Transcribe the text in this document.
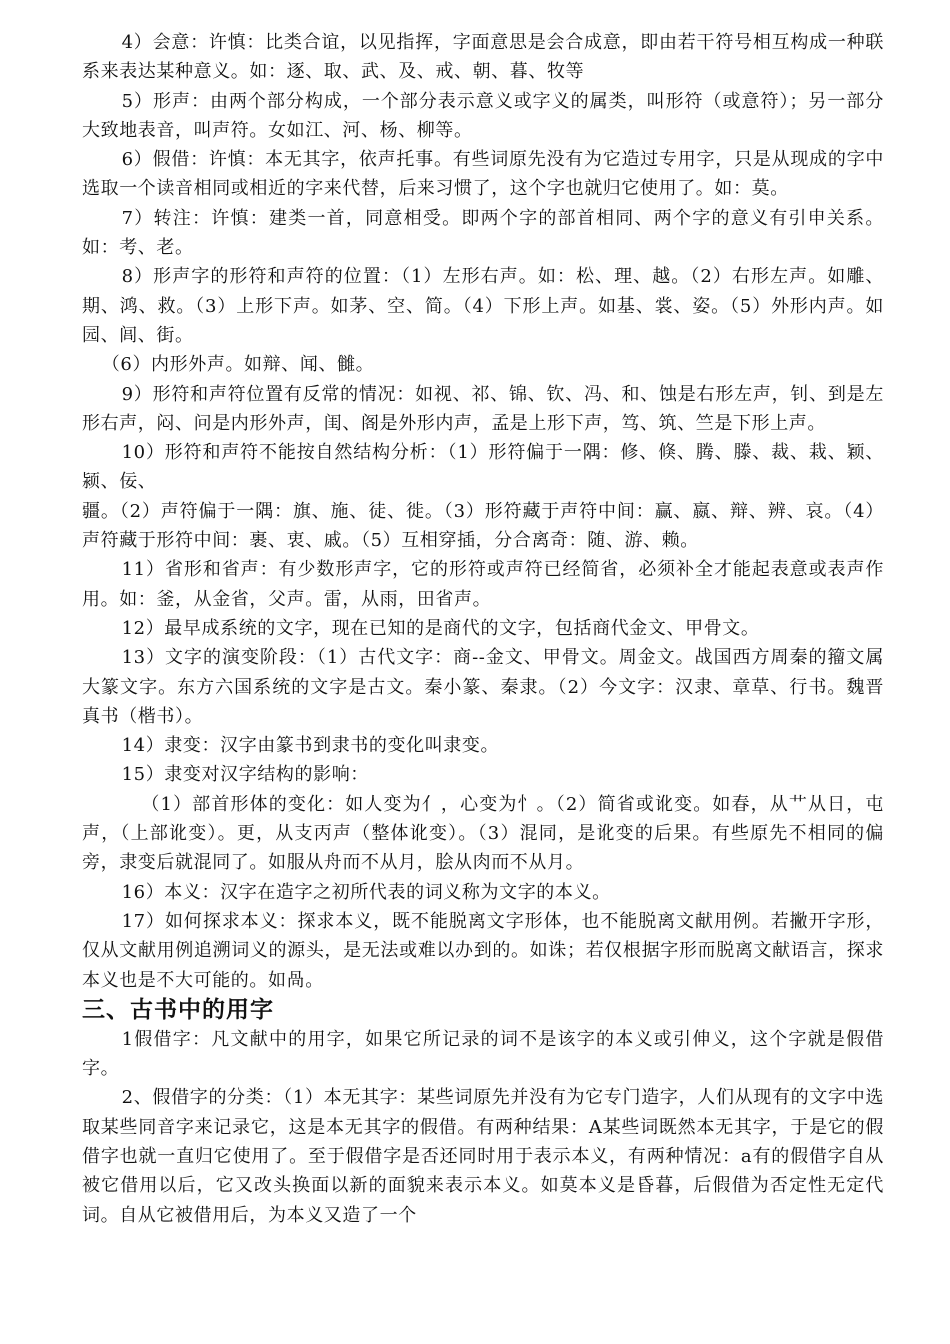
4）会意：许慎：比类合谊，以见指挥，字面意思是会合成意，即由若干符号相互构成一种联系来表达某种意义。如：逐、取、武、及、戒、朝、暮、牧等

5）形声：由两个部分构成，一个部分表示意义或字义的属类，叫形符（或意符）；另一部分大致地表音，叫声符。女如江、河、杨、柳等。

6）假借：许慎：本无其字，依声托事。有些词原先没有为它造过专用字，只是从现成的字中选取一个读音相同或相近的字来代替，后来习惯了，这个字也就归它使用了。如：莫。

7）转注：许慎：建类一首，同意相受。即两个字的部首相同、两个字的意义有引申关系。如：考、老。

8）形声字的形符和声符的位置：（1）左形右声。如：松、理、越。（2）右形左声。如雕、期、鸿、救。（3）上形下声。如茅、空、简。（4）下形上声。如基、裳、姿。（5）外形内声。如园、闾、街。

（6）内形外声。如辩、闻、雠。

9）形符和声符位置有反常的情况：如视、祁、锦、钦、冯、和、蚀是右形左声，钊、到是左形右声，闷、问是内形外声，闺、阁是外形内声，孟是上形下声，笃、筑、竺是下形上声。

10）形符和声符不能按自然结构分析：（1）形符偏于一隅：修、倏、腾、滕、裁、栽、颖、颍、佞、

疆。（2）声符偏于一隅：旗、施、徒、徙。（3）形符藏于声符中间：赢、嬴、辩、辨、哀。（4）声符藏于形符中间：裹、衷、戚。（5）互相穿插，分合离奇：随、游、赖。

11）省形和省声：有少数形声字，它的形符或声符已经简省，必须补全才能起表意或表声作用。如：釜，从金省，父声。雷，从雨，田省声。

12）最早成系统的文字，现在已知的是商代的文字，包括商代金文、甲骨文。

13）文字的演变阶段：（1）古代文字：商--金文、甲骨文。周金文。战国西方周秦的籀文属大篆文字。东方六国系统的文字是古文。秦小篆、秦隶。（2）今文字：汉隶、章草、行书。魏晋真书（楷书）。

14）隶变：汉字由篆书到隶书的变化叫隶变。

15）隶变对汉字结构的影响：

（1）部首形体的变化：如人变为亻，心变为忄。（2）简省或讹变。如春，从艹从日，屯声，（上部讹变）。更，从支丙声（整体讹变）。（3）混同，是讹变的后果。有些原先不相同的偏旁，隶变后就混同了。如服从舟而不从月，脍从肉而不从月。

16）本义：汉字在造字之初所代表的词义称为文字的本义。

17）如何探求本义：探求本义，既不能脱离文字形体，也不能脱离文献用例。若撇开字形，仅从文献用例追溯词义的源头，是无法或难以办到的。如诛；若仅根据字形而脱离文献语言，探求本义也是不大可能的。如咼。

三、古书中的用字

1假借字：凡文献中的用字，如果它所记录的词不是该字的本义或引伸义，这个字就是假借字。

2、假借字的分类：（1）本无其字：某些词原先并没有为它专门造字，人们从现有的文字中选取某些同音字来记录它，这是本无其字的假借。有两种结果：A某些词既然本无其字，于是它的假借字也就一直归它使用了。至于假借字是否还同时用于表示本义，有两种情况：a有的假借字自从被它借用以后，它又改头换面以新的面貌来表示本义。如莫本义是昏暮，后假借为否定性无定代词。自从它被借用后，为本义又造了一个
